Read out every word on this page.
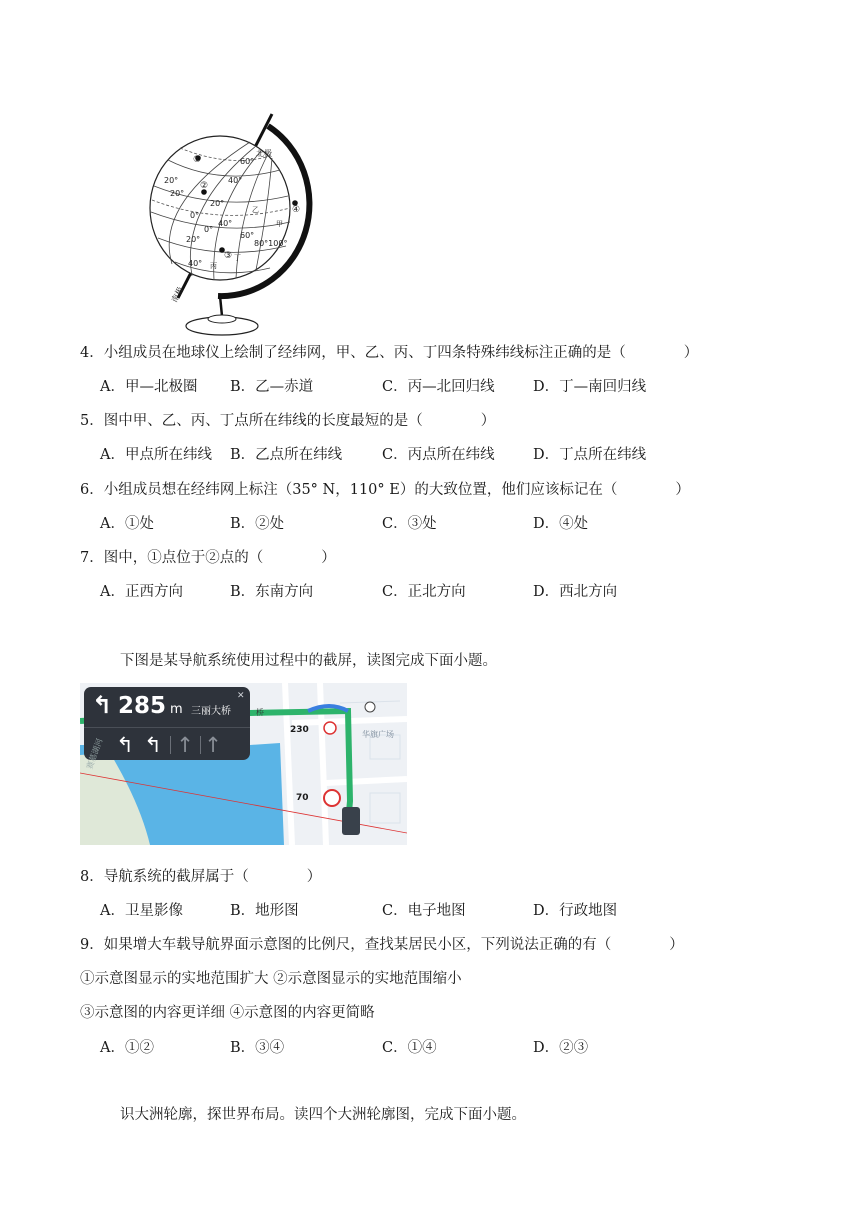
北极
南极
60°
40°
20°
20°
20°
0°
40°
0°
20°
40°
60°
80°100°
①
②
③
④
甲
乙
丙
丁
4．小组成员在地球仪上绘制了经纬网，甲、乙、丙、丁四条特殊纬线标注正确的是（　　　　）
A．甲—北极圈 B．乙—赤道	C．丙—北回归线	D．丁—南回归线
5．图中甲、乙、丙、丁点所在纬线的长度最短的是（　　　　）
A．甲点所在纬线 B．乙点所在纬线	C．丙点所在纬线	D．丁点所在纬线
6．小组成员想在经纬网上标注（35° N，110° E）的大致位置，他们应该标记在（　　　　）
A．①处	B．②处	C．③处	D．④处
7．图中，①点位于②点的（　　　　）
A．正西方向	B．东南方向	C．正北方向	D．西北方向
下图是某导航系统使用过程中的截屏，读图完成下面小题。
↰ 285 m 三丽大桥
✕
↰ ↰ ↑ ↑
230
70
桥
华旗广场
赛墓湖河
8．导航系统的截屏属于（　　　　）
A．卫星影像	B．地形图	C．电子地图	D．行政地图
9．如果增大车载导航界面示意图的比例尺，查找某居民小区，下列说法正确的有（　　　　）
①示意图显示的实地范围扩大 ②示意图显示的实地范围缩小
③示意图的内容更详细 ④示意图的内容更简略
A．①②	B．③④	C．①④	D．②③
识大洲轮廓，探世界布局。读四个大洲轮廓图，完成下面小题。
